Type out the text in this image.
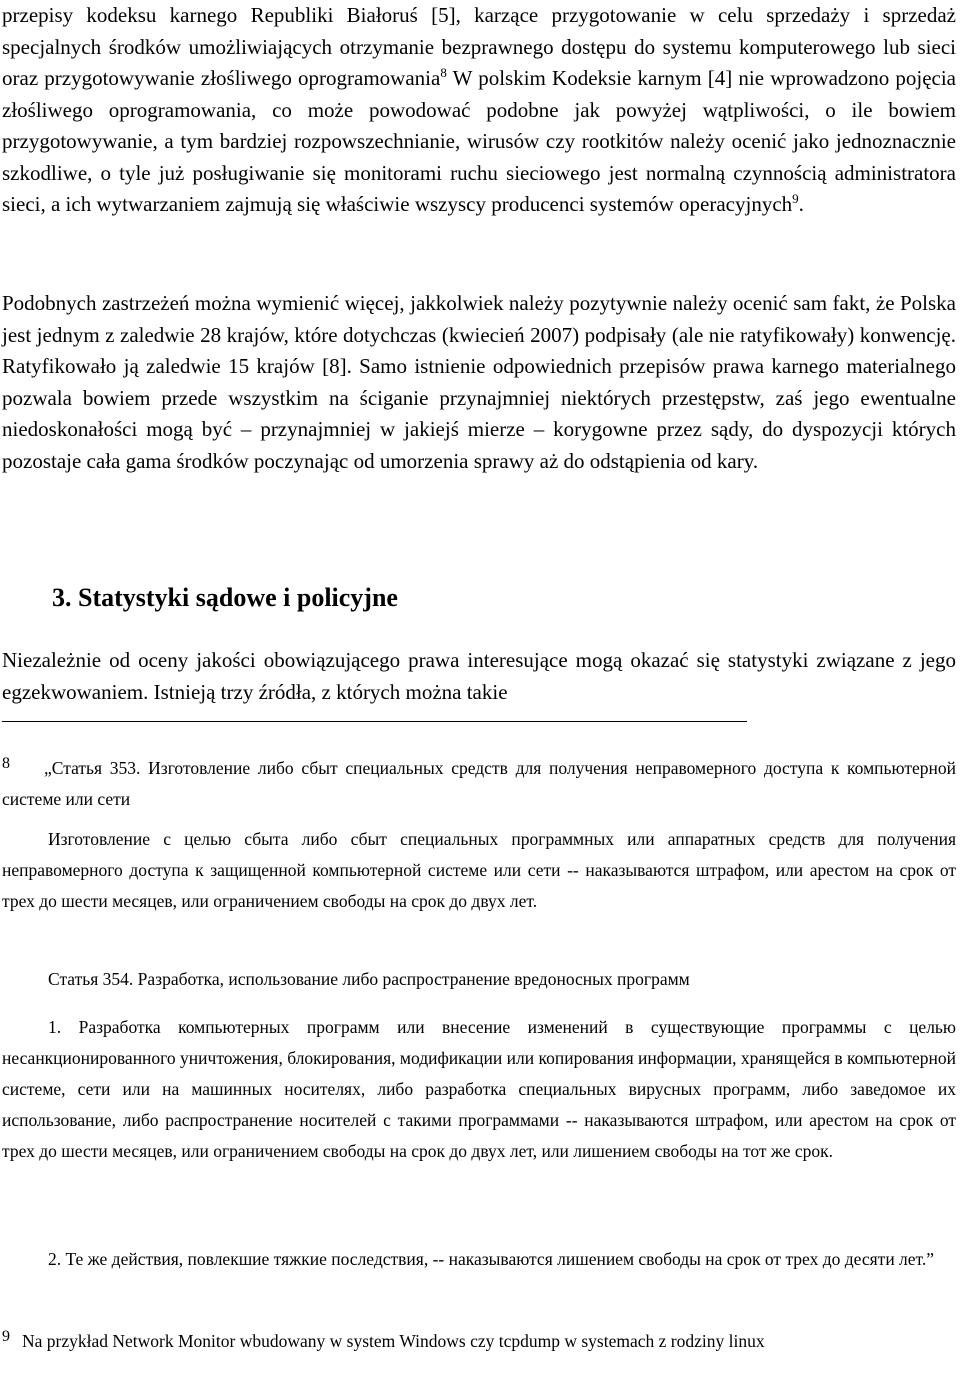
przepisy kodeksu karnego Republiki Białoruś [5], karzące przygotowanie w celu sprzedaży i sprzedaż specjalnych środków umożliwiających otrzymanie bezprawnego dostępu do systemu komputerowego lub sieci oraz przygotowywanie złośliwego oprogramowania$^8$ W polskim Kodeksie karnym [4] nie wprowadzono pojęcia złośliwego oprogramowania, co może powodować podobne jak powyżej wątpliwości, o ile bowiem przygotowywanie, a tym bardziej rozpowszechnianie, wirusów czy rootkitów należy ocenić jako jednoznacznie szkodliwe, o tyle już posługiwanie się monitorami ruchu sieciowego jest normalną czynnością administratora sieci, a ich wytwarzaniem zajmują się właściwie wszyscy producenci systemów operacyjnych$^9$.

Podobnych zastrzeżeń można wymienić więcej, jakkolwiek należy pozytywnie należy ocenić sam fakt, że Polska jest jednym z zaledwie 28 krajów, które dotychczas (kwiecień 2007) podpisały (ale nie ratyfikowały) konwencję. Ratyfikowało ją zaledwie 15 krajów [8]. Samo istnienie odpowiednich przepisów prawa karnego materialnego pozwala bowiem przede wszystkim na ściganie przynajmniej niektórych przestępstw, zaś jego ewentualne niedoskonałości mogą być – przynajmniej w jakiejś mierze – korygowne przez sądy, do dyspozycji których pozostaje cała gama środków poczynając od umorzenia sprawy aż do odstąpienia od kary.

3. Statystyki sądowe i policyjne

Niezależnie od oceny jakości obowiązującego prawa interesujące mogą okazać się statystyki związane z jego egzekwowaniem. Istnieją trzy źródła, z których można takie

8 „Статья 353. Изготовление либо сбыт специальных средств для получения неправомерного доступа к компьютерной системе или сети

Изготовление с целью сбыта либо сбыт специальных программных или аппаратных средств для получения неправомерного доступа к защищенной компьютерной системе или сети -- наказываются штрафом, или арестом на срок от трех до шести месяцев, или ограничением свободы на срок до двух лет.

Статья 354. Разработка, использование либо распространение вредоносных программ

1. Разработка компьютерных программ или внесение изменений в существующие программы с целью несанкционированного уничтожения, блокирования, модификации или копирования информации, хранящейся в компьютерной системе, сети или на машинных носителях, либо разработка специальных вирусных программ, либо заведомое их использование, либо распространение носителей с такими программами -- наказываются штрафом, или арестом на срок от трех до шести месяцев, или ограничением свободы на срок до двух лет, или лишением свободы на тот же срок.

2. Те же действия, повлекшие тяжкие последствия, -- наказываются лишением свободы на срок от трех до десяти лет.”

9 Na przykład Network Monitor wbudowany w system Windows czy tcpdump w systemach z rodziny linux
